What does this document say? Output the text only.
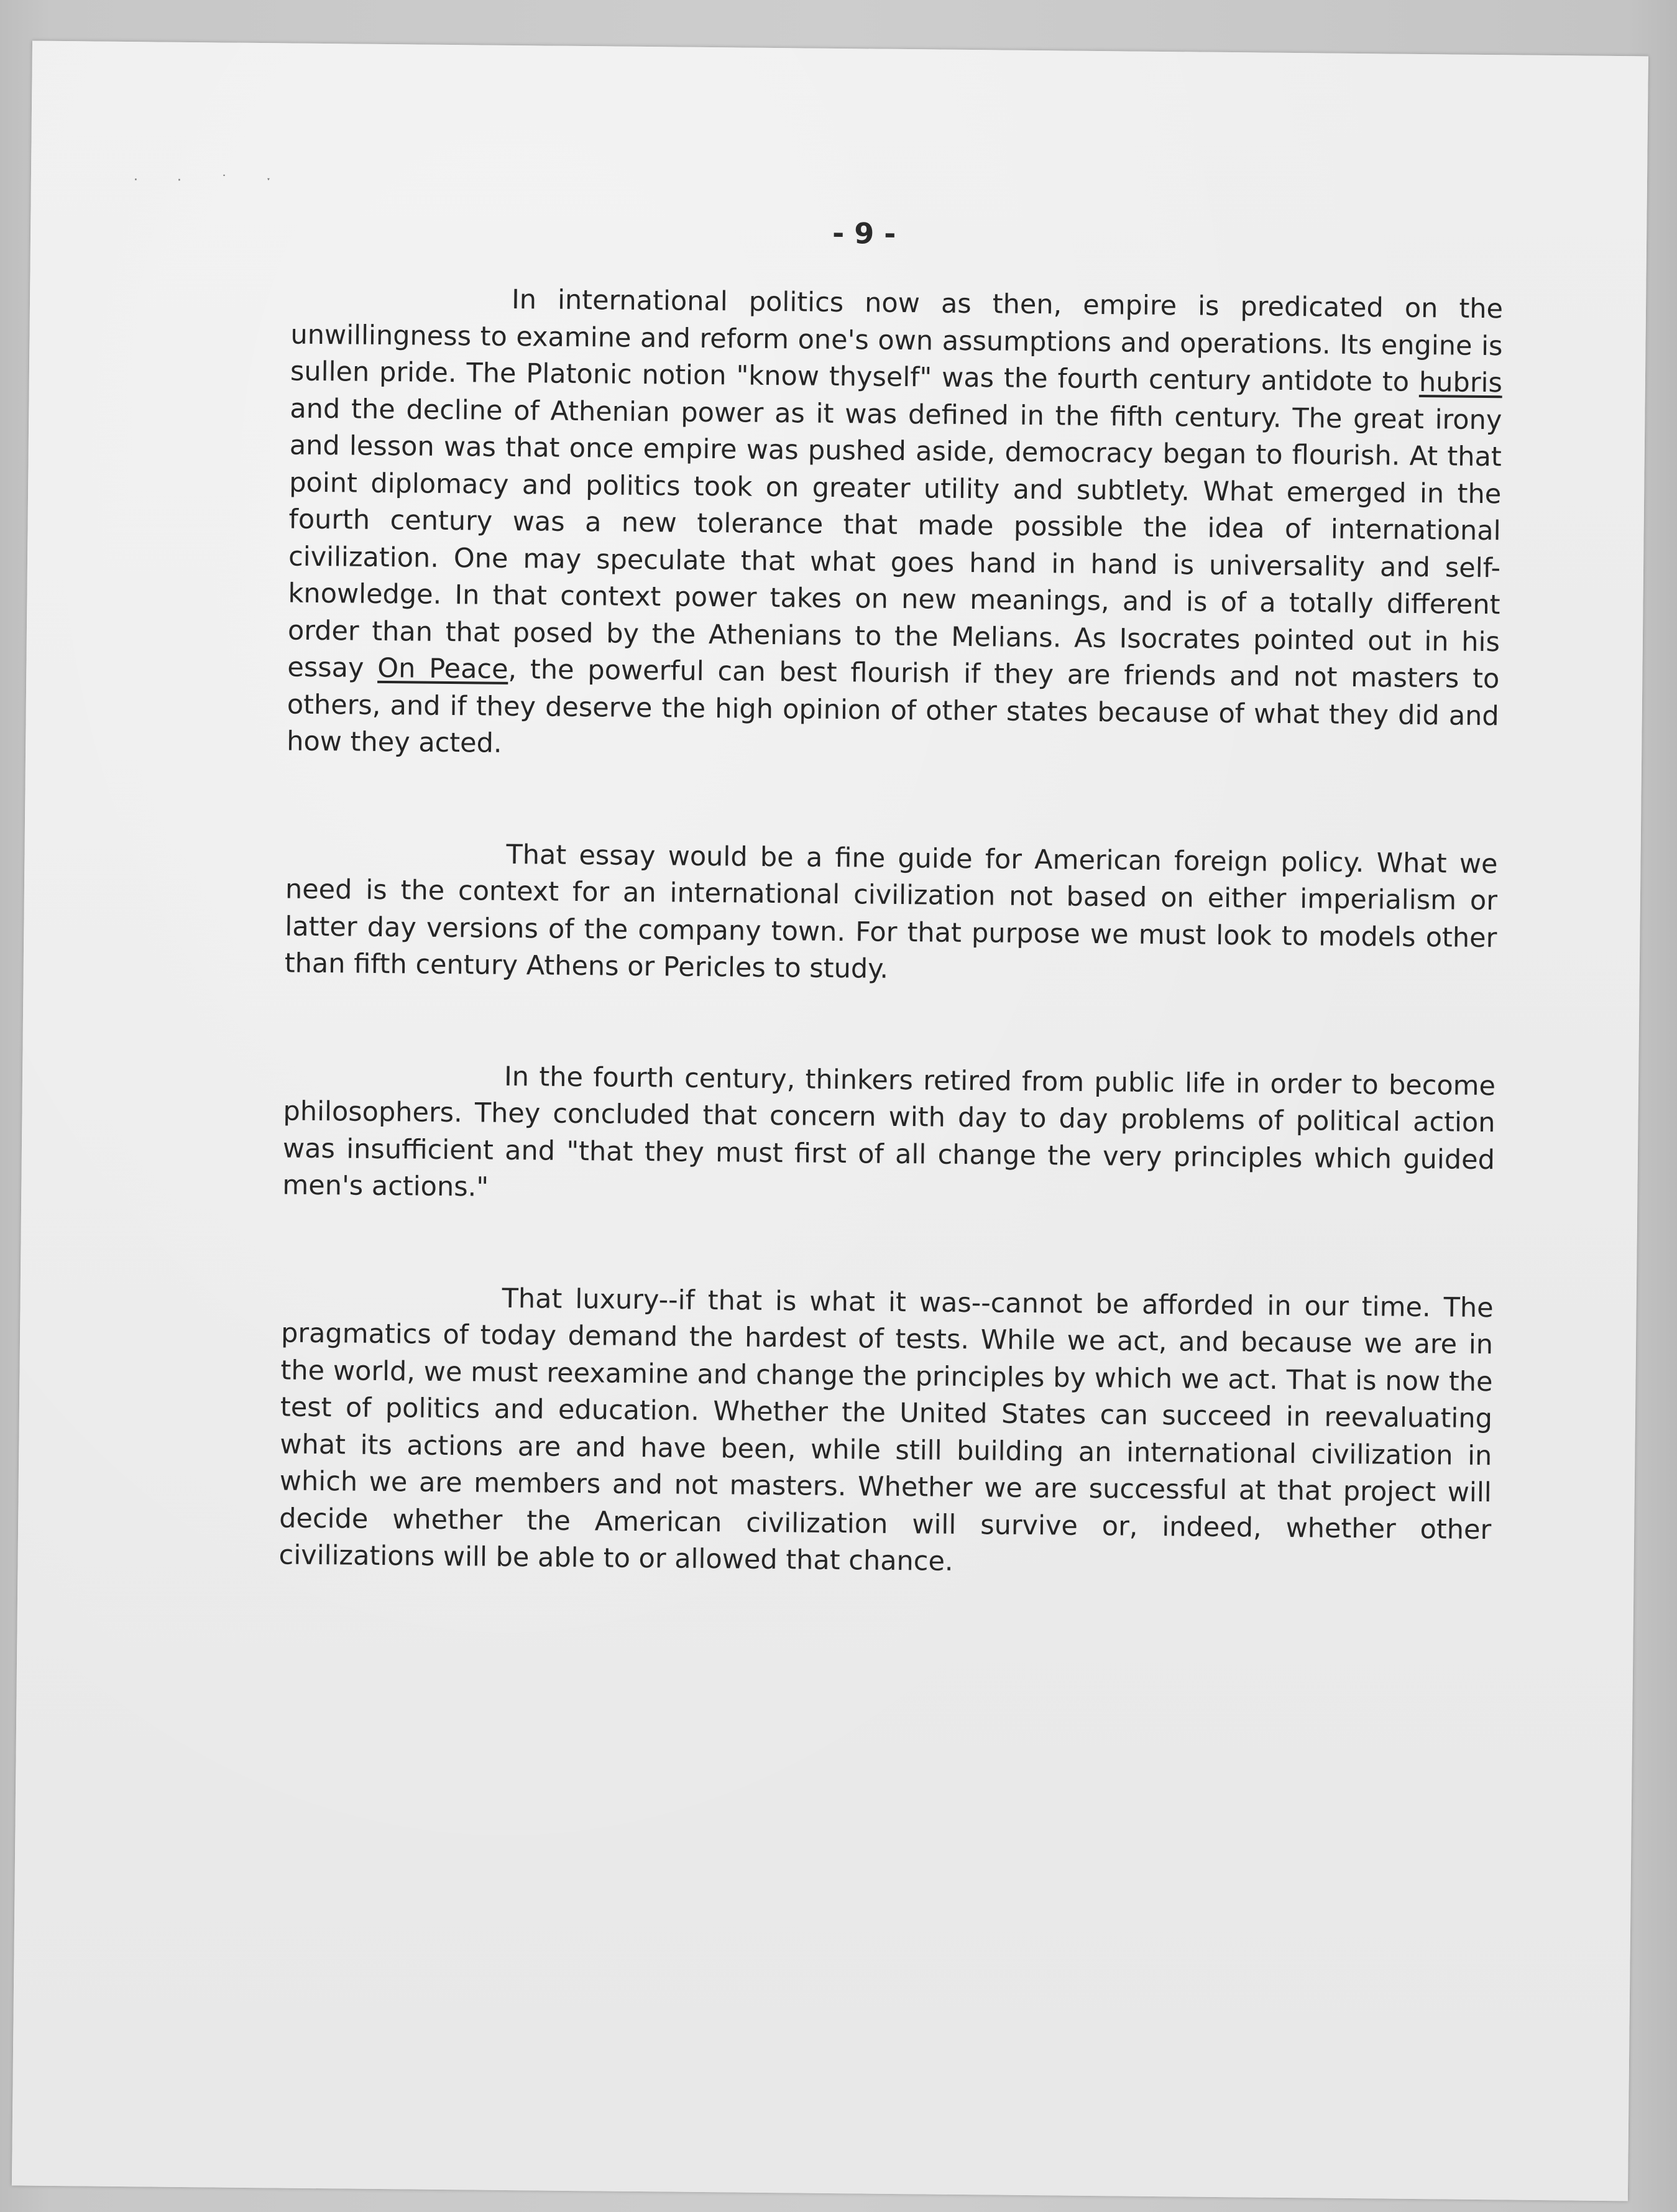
· · ˙ ˑ
- 9 -

In international politics now as then, empire is predicated on the unwillingness to examine and reform one's own assumptions and operations. Its engine is sullen pride. The Platonic notion "know thyself" was the fourth century antidote to hubris and the decline of Athenian power as it was defined in the fifth century. The great irony and lesson was that once empire was pushed aside, democracy began to flourish. At that point diplomacy and politics took on greater utility and subtlety. What emerged in the fourth century was a new tolerance that made possible the idea of international civilization. One may speculate that what goes hand in hand is universality and self-knowledge. In that context power takes on new meanings, and is of a totally different order than that posed by the Athenians to the Melians. As Isocrates pointed out in his essay On Peace, the powerful can best flourish if they are friends and not masters to others, and if they deserve the high opinion of other states because of what they did and how they acted.

That essay would be a fine guide for American foreign policy. What we need is the context for an international civilization not based on either imperialism or latter day versions of the company town. For that purpose we must look to models other than fifth century Athens or Pericles to study.

In the fourth century, thinkers retired from public life in order to become philosophers. They concluded that concern with day to day problems of political action was insufficient and "that they must first of all change the very principles which guided men's actions."

That luxury--if that is what it was--cannot be afforded in our time. The pragmatics of today demand the hardest of tests. While we act, and because we are in the world, we must reexamine and change the principles by which we act. That is now the test of politics and education. Whether the United States can succeed in reevaluating what its actions are and have been, while still building an international civilization in which we are members and not masters. Whether we are successful at that project will decide whether the American civilization will survive or, indeed, whether other civilizations will be able to or allowed that chance.
